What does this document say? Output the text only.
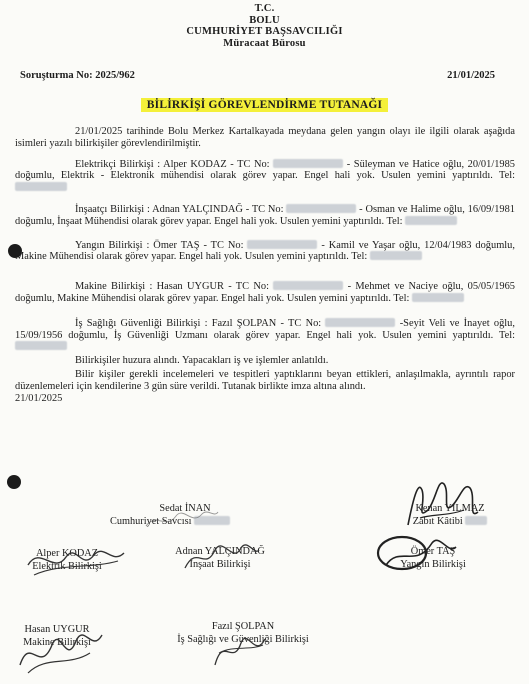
T.C.
BOLU
CUMHURİYET BAŞSAVCILIĞI
Müracaat Bürosu
Soruşturma No: 2025/962	21/01/2025
BİLİRKİŞİ GÖREVLENDİRME TUTANAĞI

21/01/2025 tarihinde Bolu Merkez Kartalkayada meydana gelen yangın olayı ile ilgili olarak aşağıda isimleri yazılı bilirkişiler görevlendirilmiştir.

Elektrikçi Bilirkişi : Alper KODAZ - TC No:	- Süleyman ve Hatice oğlu, 20/01/1985 doğumlu, Elektrik - Elektronik mühendisi olarak görev yapar. Engel hali yok. Usulen yemini yaptırıldı. Tel:

İnşaatçı Bilirkişi : Adnan YALÇINDAĞ - TC No:	- Osman ve Halime oğlu, 16/09/1981 doğumlu, İnşaat Mühendisi olarak görev yapar. Engel hali yok. Usulen yemini yaptırıldı. Tel:

Yangın Bilirkişi : Ömer TAŞ - TC No:	- Kamil ve Yaşar oğlu, 12/04/1983 doğumlu, Makine Mühendisi olarak görev yapar. Engel hali yok. Usulen yemini yaptırıldı. Tel:

Makine Bilirkişi : Hasan UYGUR - TC No:	- Mehmet ve Naciye oğlu, 05/05/1965 doğumlu, Makine Mühendisi olarak görev yapar. Engel hali yok. Usulen yemini yaptırıldı. Tel:

İş Sağlığı Güvenliği Bilirkişi : Fazıl ŞOLPAN - TC No:	-Seyit Veli ve İnayet oğlu, 15/09/1956 doğumlu, İş Güvenliği Uzmanı olarak görev yapar. Engel hali yok. Usulen yemini yaptırıldı. Tel:

Bilirkişiler huzura alındı. Yapacakları iş ve işlemler anlatıldı.

Bilir kişiler gerekli incelemeleri ve tespitleri yaptıklarını beyan ettikleri, anlaşılmakla, ayrıntılı rapor düzenlemeleri için kendilerine 3 gün süre verildi. Tutanak birlikte imza altına alındı.

21/01/2025

Sedat İNAN
Cumhuriyet Savcısı
Kenan YILMAZ
Zabıt Kâtibi
Alper KODAZ
Elektrik Bilirkişi
Adnan YALÇINDAĞ
İnşaat Bilirkişi
Ömer TAŞ
Yangın Bilirkişi
Hasan UYGUR
Makine Bilirkişi
Fazıl ŞOLPAN
İş Sağlığı ve Güvenliği Bilirkişi
